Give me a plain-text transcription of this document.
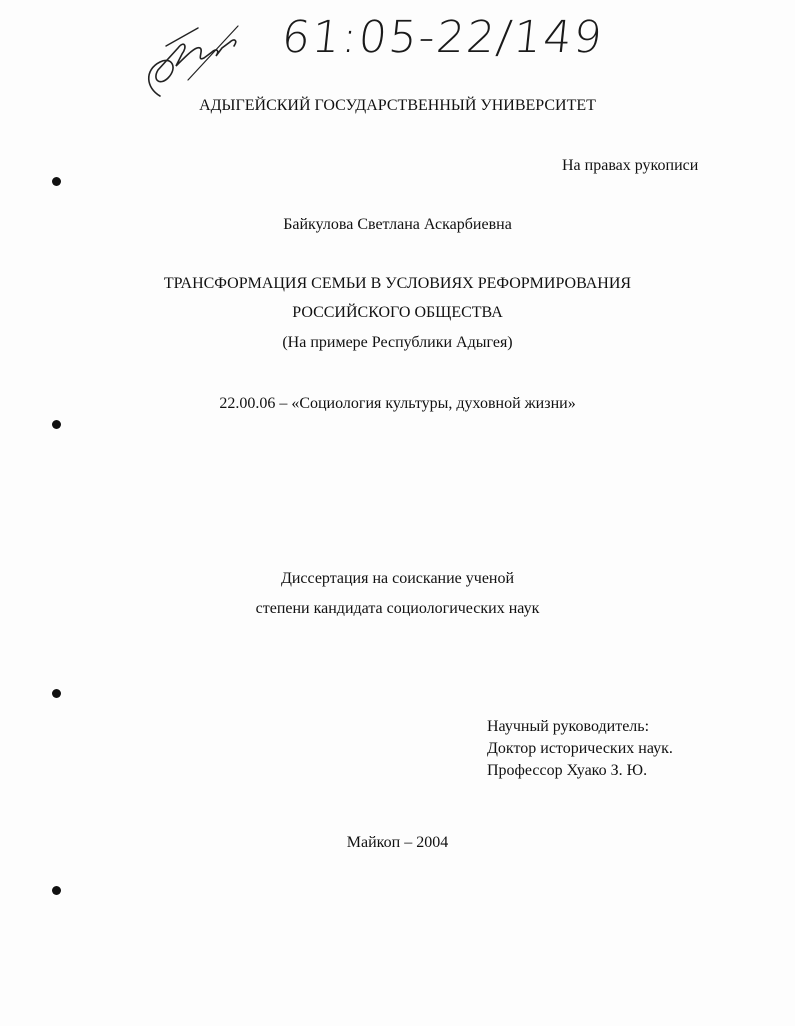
61:05-22/149
АДЫГЕЙСКИЙ ГОСУДАРСТВЕННЫЙ УНИВЕРСИТЕТ
На правах рукописи
Байкулова Светлана Аскарбиевна
ТРАНСФОРМАЦИЯ СЕМЬИ В УСЛОВИЯХ РЕФОРМИРОВАНИЯ
РОССИЙСКОГО ОБЩЕСТВА
(На примере Республики Адыгея)
22.00.06 – «Социология культуры, духовной жизни»
Диссертация на соискание ученой
степени кандидата социологических наук
Научный руководитель:
Доктор исторических наук.
Профессор Хуако З. Ю.
Майкоп – 2004
